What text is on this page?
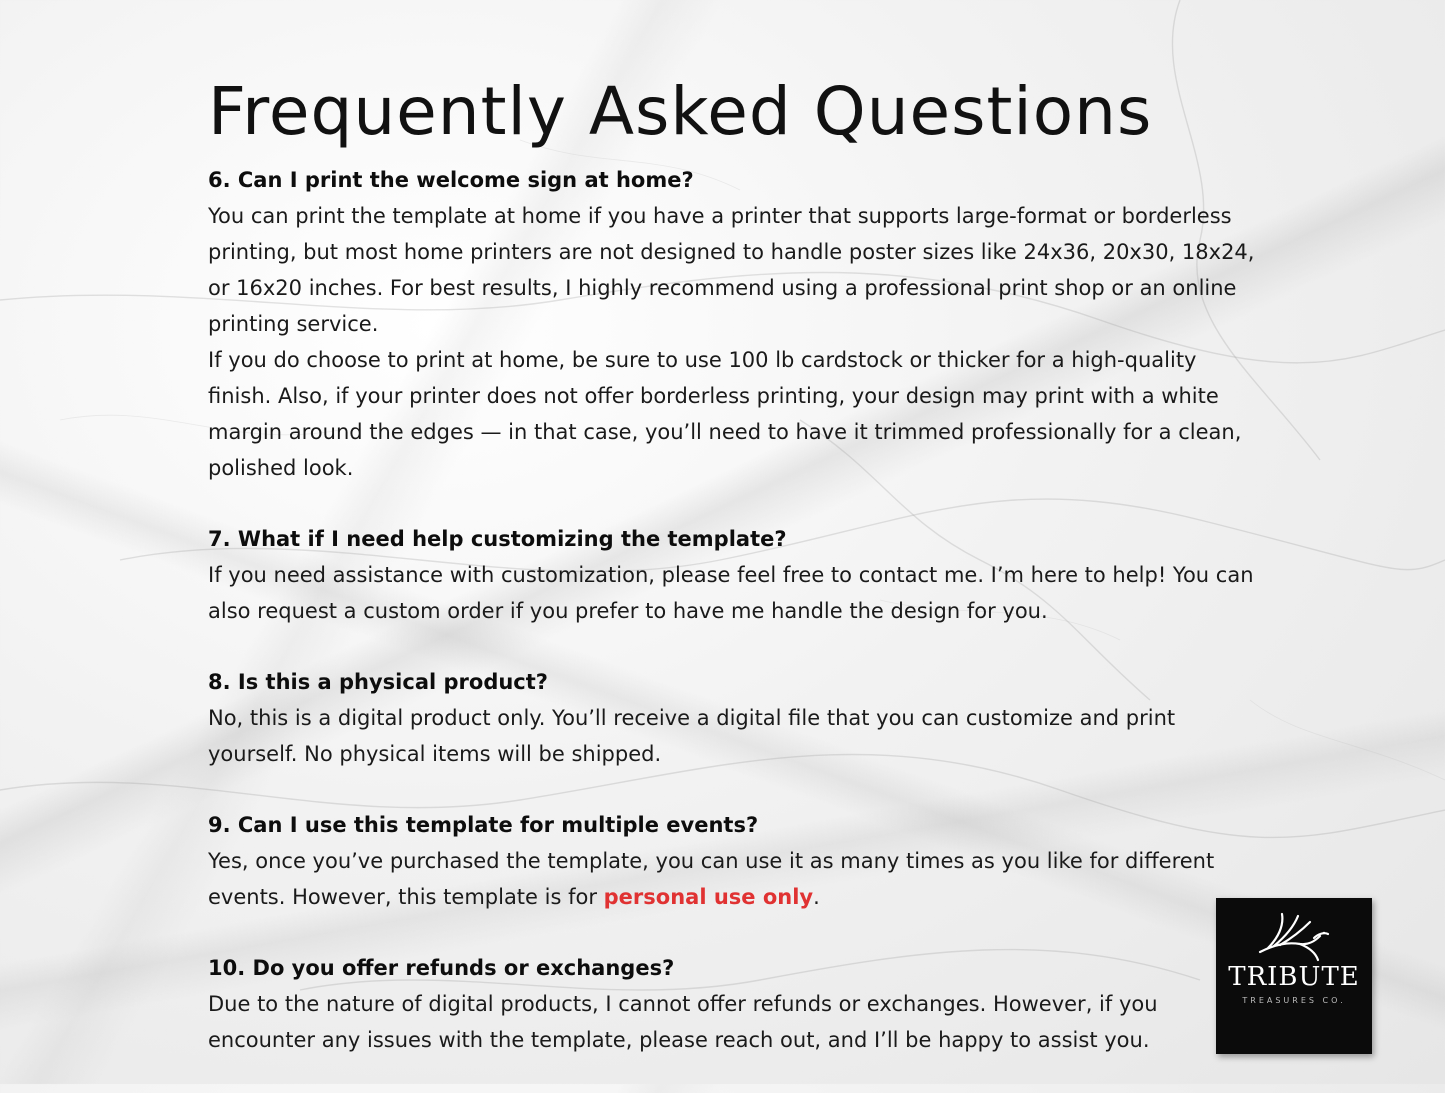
Frequently Asked Questions

6. Can I print the welcome sign at home?

You can print the template at home if you have a printer that supports large-format or borderless printing, but most home printers are not designed to handle poster sizes like 24x36, 20x30, 18x24, or 16x20 inches. For best results, I highly recommend using a professional print shop or an online printing service.

If you do choose to print at home, be sure to use 100 lb cardstock or thicker for a high-quality finish. Also, if your printer does not offer borderless printing, your design may print with a white margin around the edges — in that case, you’ll need to have it trimmed professionally for a clean, polished look.

7. What if I need help customizing the template?

If you need assistance with customization, please feel free to contact me. I’m here to help! You can also request a custom order if you prefer to have me handle the design for you.

8. Is this a physical product?

No, this is a digital product only. You’ll receive a digital file that you can customize and print yourself. No physical items will be shipped.

9. Can I use this template for multiple events?

Yes, once you’ve purchased the template, you can use it as many times as you like for different events. However, this template is for personal use only.

10. Do you offer refunds or exchanges?

Due to the nature of digital products, I cannot offer refunds or exchanges. However, if you encounter any issues with the template, please reach out, and I’ll be happy to assist you.

TRIBUTE
TREASURES CO.
